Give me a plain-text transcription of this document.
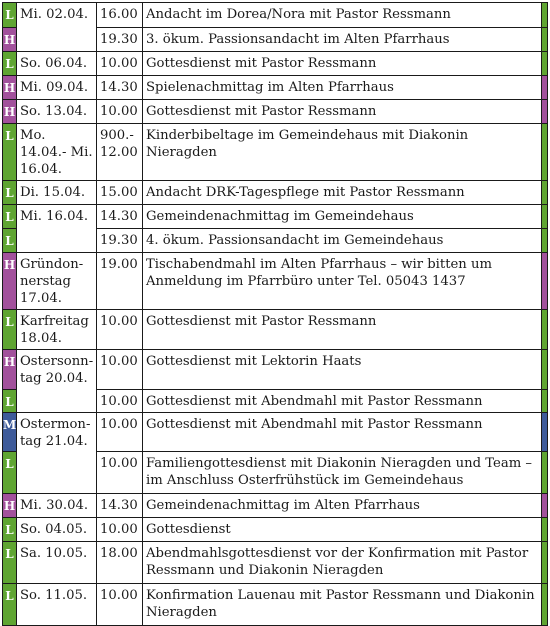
L	Mi. 02.04.	16.00	Andacht im Dorea/Nora mit Pastor Ressmann	
H		19.30	3. ökum. Passionsandacht im Alten Pfarrhaus	
L	So. 06.04.	10.00	Gottesdienst mit Pastor Ressmann	
H	Mi. 09.04.	14.30	Spielenachmittag im Alten Pfarrhaus	
H	So. 13.04.	10.00	Gottesdienst mit Pastor Ressmann	
L	Mo. 14.04.- Mi. 16.04.	900.- 12.00	Kinderbibeltage im Gemeindehaus mit Diakonin Nieragden	
L	Di. 15.04.	15.00	Andacht DRK-Tagespflege mit Pastor Ressmann	
L	Mi. 16.04.	14.30	Gemeindenachmittag im Gemeindehaus	
L		19.30	4. ökum. Passionsandacht im Gemeindehaus	
H	Gründonnerstag 17.04.	19.00	Tischabendmahl im Alten Pfarrhaus – wir bitten um Anmeldung im Pfarrbüro unter Tel. 05043 1437	
L	Karfreitag 18.04.	10.00	Gottesdienst mit Pastor Ressmann	
H	Ostersonntag 20.04.	10.00	Gottesdienst mit Lektorin Haats	
L		10.00	Gottesdienst mit Abendmahl mit Pastor Ressmann	
M	Ostermontag 21.04.	10.00	Gottesdienst mit Abendmahl mit Pastor Ressmann	
L		10.00	Familiengottesdienst mit Diakonin Nieragden und Team – im Anschluss Osterfrühstück im Gemeindehaus	
H	Mi. 30.04.	14.30	Gemeindenachmittag im Alten Pfarrhaus	
L	So. 04.05.	10.00	Gottesdienst	
L	Sa. 10.05.	18.00	Abendmahlsgottesdienst vor der Konfirmation mit Pastor Ressmann und Diakonin Nieragden	
L	So. 11.05.	10.00	Konfirmation Lauenau mit Pastor Ressmann und Diakonin Nieragden	
